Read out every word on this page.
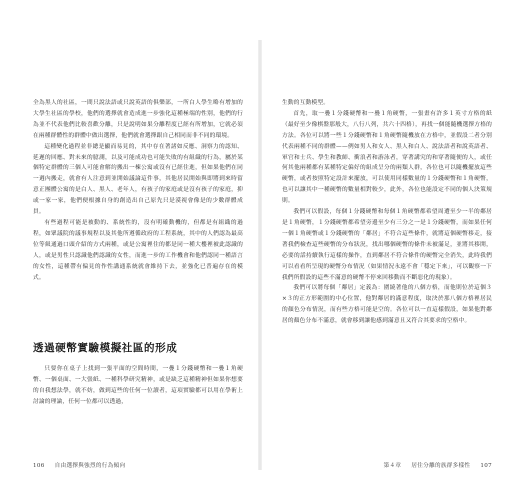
全為黑人的社區，一間只說法語或只說英語的俱樂部，一所白人學生略有增加的大學生社區的學校，他們的選擇就會造成進一步強化這種極端的性別，他們的行為並不代表他們比較喜歡分離，只是說明如果分離程度已經有所增加，它就必須在兩種群體性的群體中做出選擇，他們就會選擇跟自己相同而非不同的環境。

這種變化過程並非總是顯而易見的，其中存在著諸如反應、洞察力的認知、延遲的回應、對未來的臆測，以及可能成功也可能失敗的有組織的行為，屬於某個特定群體的三個人可能會解約搬出一棟公寓或沒有已經住進，但如果他們在同一週內搬走，就會有人注意到並開始議論這件事，其他居民開始與即將到來時留意正團體公寓的是白人、黑人、老年人，有孩子的家庭或是沒有孩子的家庭，抑或一家一家，他們便根據自身的創造出自己原先只是漠視會像是的少數群體成員。

有些過程可能是被動的、系統性的，沒有明確動機的，但都是有組織的過程，如眾議院的議事規程以及其他所遵循政府的工程系統，其中的人們認為最高位等級通過口頭介紹的方式兩種，或是公寓裡住的都是同一種大樓裡被此認識的人，或是男性只認識他們認識的女性，而進一步的工作機會和他們認同一種語言的女性，這種帶有偏見的作性講通系統就會維持下去，並強化已普遍存在的模式。

透過硬幣實驗模擬社區的形成

只要你在桌子上找到一張平面的空間時間，一疊１分錢硬幣和一疊１角硬幣、一個桌面、一大張紙、一種科學研究精神，或是缺乏這種精神但如果你想要的自我想法學，就不妨，做到這些的任何一位讀者，這項實驗都可以用在學術上討論的理論，任何一位都可以透過，

106 自由選擇與強烈的行為傾向

生動的互動模型。

首先，取一疊１分錢硬幣和一疊１角硬幣，一張畫有許多１英寸方格的紙（最好至少像棋盤那般大，八行八列，共六十四格），再找一個能隨機選擇方格的方法。各位可以將一些１分錢硬幣和１角硬幣隨機放在方格中，並假設二者分別代表兩種不同的群體——例如男人和女人、黑人和白人、說法語者和說英語者、軍官和士兵、學生和教師、衝浪者和游泳者，穿著講究的和穿著隨便的人，或任何其他兩種都有某種特定偏好的組成呈分的兩類人群，各位也可以隨機擺放這些硬幣，或者按照特定設計來擺放，可以使用同樣數量的１分錢硬幣和１角硬幣，也可以讓其中一種硬幣的數量相對較少，此外，各位也能設定不同的個人決策規則。

我們可以假設，每個１分錢硬幣和每個１角硬幣都希望周遭至少一半的鄰居是１角硬幣，１分錢硬幣都希望旁邊至少有三分之一是１分錢硬幣，而如果任何一個１角硬幣或１分錢硬幣的「鄰居」不符合這些條件，就將這個硬幣移走，接著我們檢查這些硬幣的分布狀況，找出哪個硬幣的條件未被滿足，並將其移開，必要的話持續執行這樣的操作，直到鄰居不符合條件的硬幣完全消失，此時我們可以看看所呈現的硬幣分布情況（如果情況永遠不會「穩定下來」，可以觀察一下我們所假設的這些不滿意的硬幣不停來回移動而不斷惡化的現象）。

我們可以將每個「鄰居」定義為：圍繞著他的八個方格，而他則位於這個３×３的正方形範圍的中心位置，他對鄰居的滿意程度，取決於那八個方格裡居民的顏色分布情況，而有些方格可能是空的。各位可以一直這樣假設，如果他對鄰居的顏色分布不滿意，就會移到讓他感到滿意且又符合其要求的空格中。

第４章 居住分離的族群多樣性 107
